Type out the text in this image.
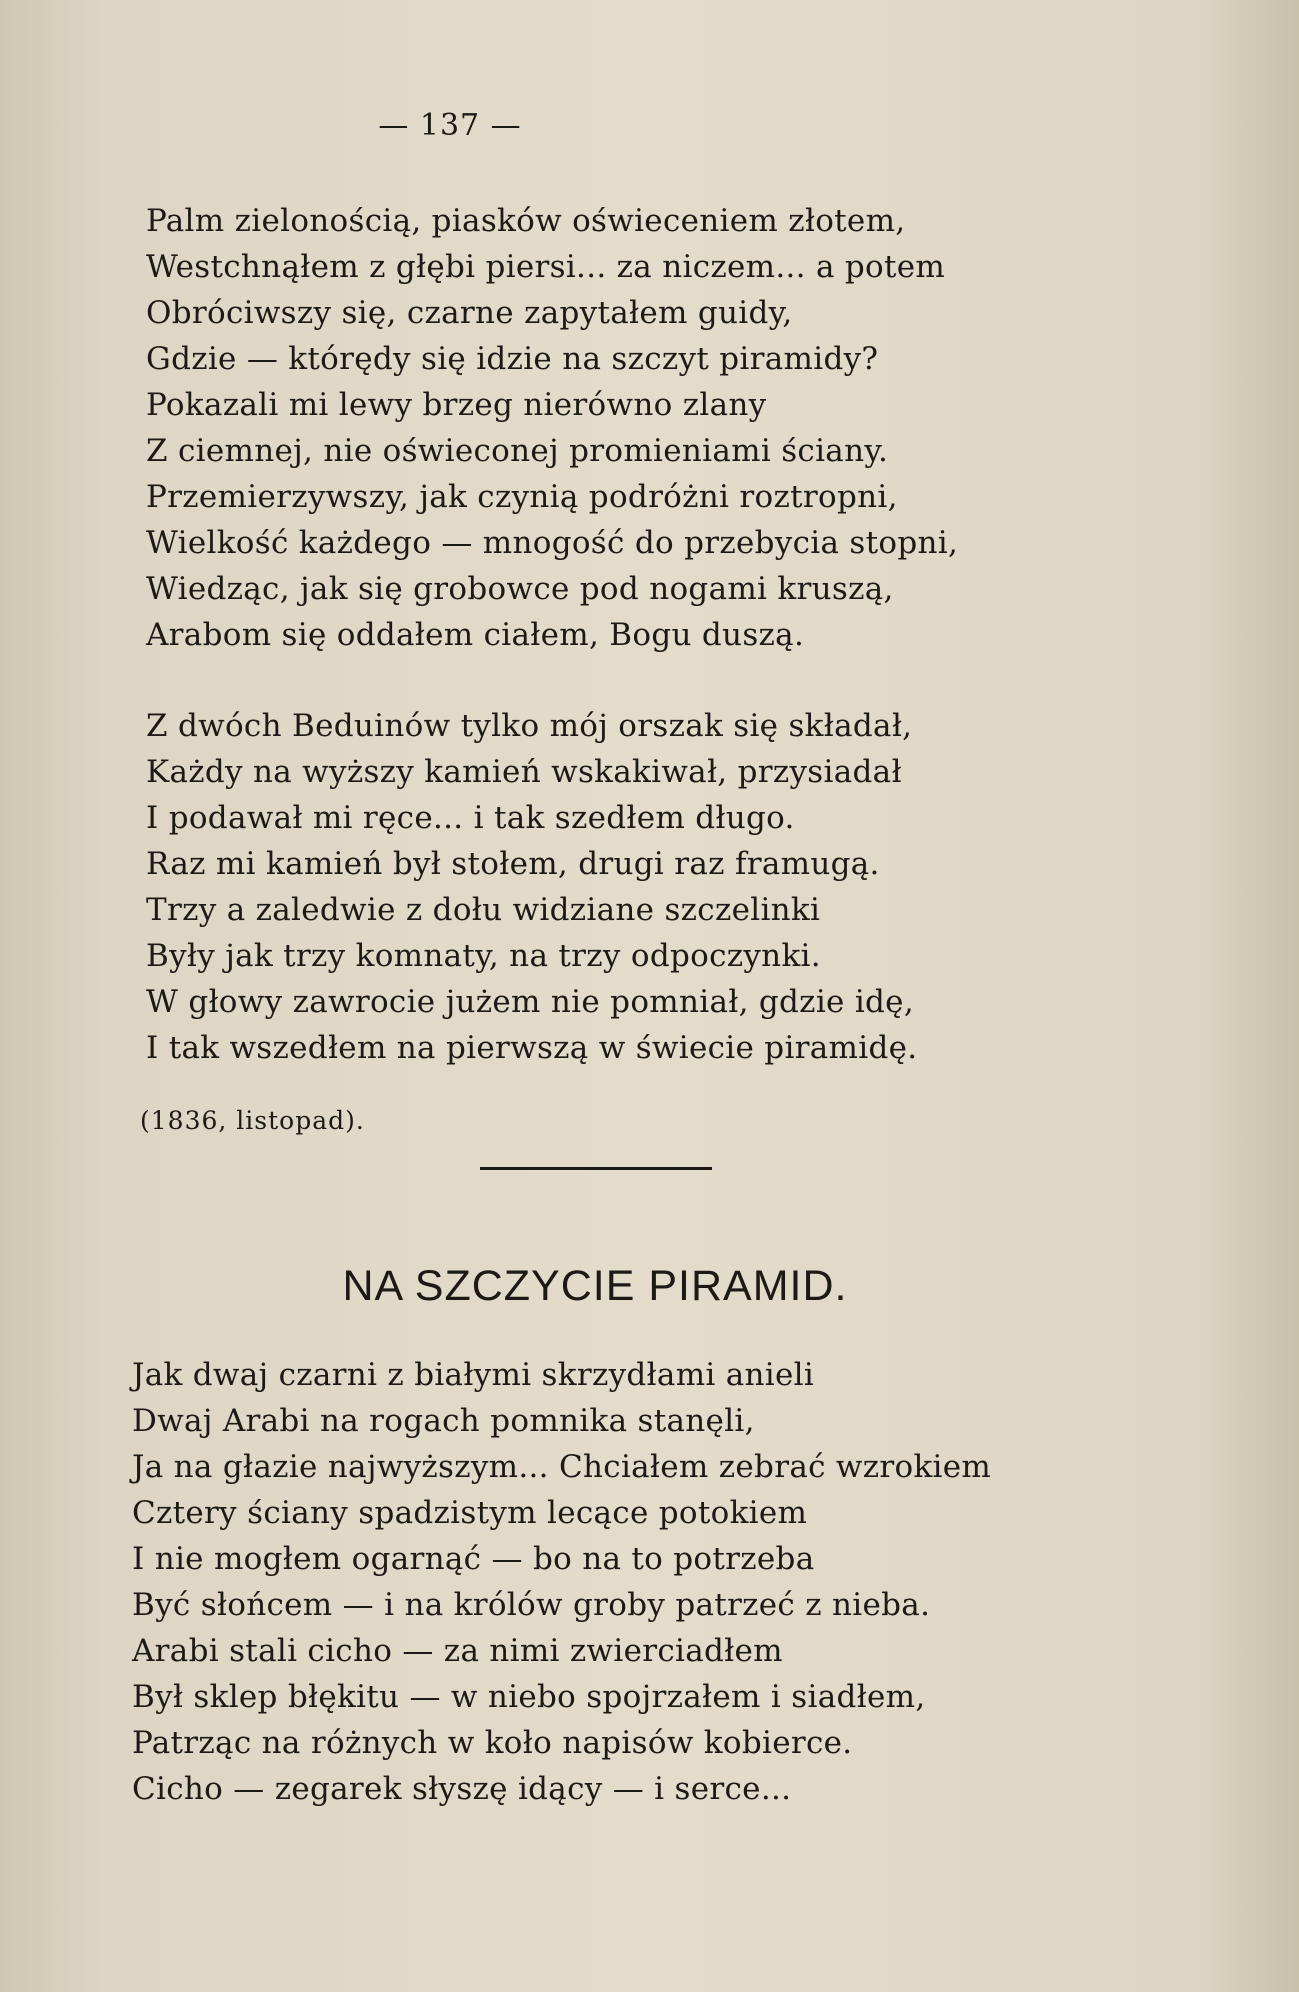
— 137 —
Palm zielonością, piasków oświeceniem złotem,
Westchnąłem z głębi piersi... za niczem... a potem
Obróciwszy się, czarne zapytałem guidy,
Gdzie — którędy się idzie na szczyt piramidy?
Pokazali mi lewy brzeg nierówno zlany
Z ciemnej, nie oświeconej promieniami ściany.
Przemierzywszy, jak czynią podróżni roztropni,
Wielkość każdego — mnogość do przebycia stopni,
Wiedząc, jak się grobowce pod nogami kruszą,
Arabom się oddałem ciałem, Bogu duszą.
Z dwóch Beduinów tylko mój orszak się składał,
Każdy na wyższy kamień wskakiwał, przysiadał
I podawał mi ręce... i tak szedłem długo.
Raz mi kamień był stołem, drugi raz framugą.
Trzy a zaledwie z dołu widziane szczelinki
Były jak trzy komnaty, na trzy odpoczynki.
W głowy zawrocie jużem nie pomniał, gdzie idę,
I tak wszedłem na pierwszą w świecie piramidę.
(1836, listopad).
NA SZCZYCIE PIRAMID.
Jak dwaj czarni z białymi skrzydłami anieli
Dwaj Arabi na rogach pomnika stanęli,
Ja na głazie najwyższym... Chciałem zebrać wzrokiem
Cztery ściany spadzistym lecące potokiem
I nie mogłem ogarnąć — bo na to potrzeba
Być słońcem — i na królów groby patrzeć z nieba.
Arabi stali cicho — za nimi zwierciadłem
Był sklep błękitu — w niebo spojrzałem i siadłem,
Patrząc na różnych w koło napisów kobierce.
Cicho — zegarek słyszę idący — i serce...
